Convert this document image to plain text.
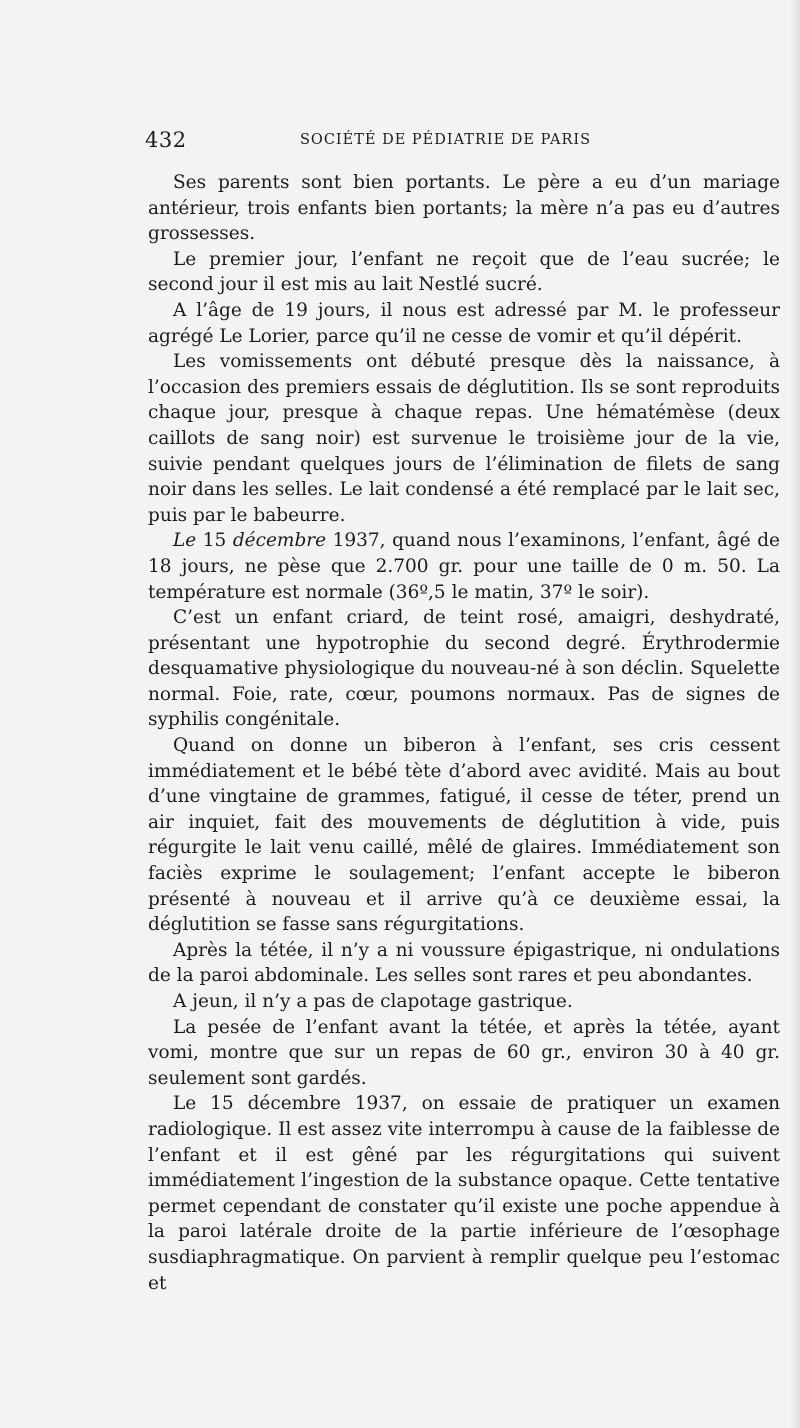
432	SOCIÉTÉ DE PÉDIATRIE DE PARIS

Ses parents sont bien portants. Le père a eu d’un mariage antérieur, trois enfants bien portants; la mère n’a pas eu d’autres grossesses.

Le premier jour, l’enfant ne reçoit que de l’eau sucrée; le second jour il est mis au lait Nestlé sucré.

A l’âge de 19 jours, il nous est adressé par M. le professeur agrégé Le Lorier, parce qu’il ne cesse de vomir et qu’il dépérit.

Les vomissements ont débuté presque dès la naissance, à l’occasion des premiers essais de déglutition. Ils se sont reproduits chaque jour, presque à chaque repas. Une hématémèse (deux caillots de sang noir) est survenue le troisième jour de la vie, suivie pendant quelques jours de l’élimination de filets de sang noir dans les selles. Le lait condensé a été remplacé par le lait sec, puis par le babeurre.

Le 15 décembre 1937, quand nous l’examinons, l’enfant, âgé de 18 jours, ne pèse que 2.700 gr. pour une taille de 0 m. 50. La température est normale (36º,5 le matin, 37º le soir).

C’est un enfant criard, de teint rosé, amaigri, deshydraté, présentant une hypotrophie du second degré. Érythrodermie desquamative physiologique du nouveau-né à son déclin. Squelette normal. Foie, rate, cœur, poumons normaux. Pas de signes de syphilis congénitale.

Quand on donne un biberon à l’enfant, ses cris cessent immédiatement et le bébé tète d’abord avec avidité. Mais au bout d’une vingtaine de grammes, fatigué, il cesse de téter, prend un air inquiet, fait des mouvements de déglutition à vide, puis régurgite le lait venu caillé, mêlé de glaires. Immédiatement son faciès exprime le soulagement; l’enfant accepte le biberon présenté à nouveau et il arrive qu’à ce deuxième essai, la déglutition se fasse sans régurgitations.

Après la tétée, il n’y a ni voussure épigastrique, ni ondulations de la paroi abdominale. Les selles sont rares et peu abondantes.

A jeun, il n’y a pas de clapotage gastrique.

La pesée de l’enfant avant la tétée, et après la tétée, ayant vomi, montre que sur un repas de 60 gr., environ 30 à 40 gr. seulement sont gardés.

Le 15 décembre 1937, on essaie de pratiquer un examen radiologique. Il est assez vite interrompu à cause de la faiblesse de l’enfant et il est gêné par les régurgitations qui suivent immédiatement l’ingestion de la substance opaque. Cette tentative permet cependant de constater qu’il existe une poche appendue à la paroi latérale droite de la partie inférieure de l’œsophage susdiaphragmatique. On parvient à remplir quelque peu l’estomac et
